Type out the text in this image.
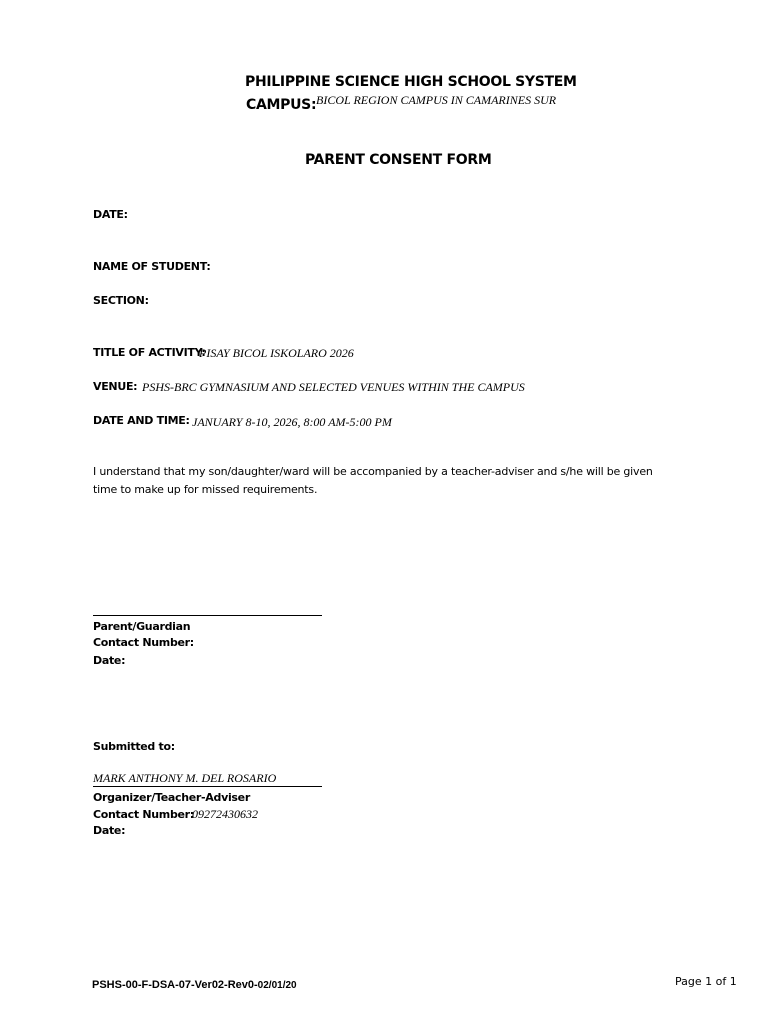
PHILIPPINE SCIENCE HIGH SCHOOL SYSTEM
CAMPUS: BICOL REGION CAMPUS IN CAMARINES SUR
PARENT CONSENT FORM
DATE:
NAME OF STUDENT:
SECTION:
TITLE OF ACTIVITY:
PISAY BICOL ISKOLARO 2026
VENUE: PSHS-BRC GYMNASIUM AND SELECTED VENUES WITHIN THE CAMPUS
DATE AND TIME: JANUARY 8-10, 2026, 8:00 AM-5:00 PM
I understand that my son/daughter/ward will be accompanied by a teacher-adviser and s/he will be given time to make up for missed requirements.
Parent/Guardian
Contact Number:
Date:
Submitted to:
MARK ANTHONY M. DEL ROSARIO
Organizer/Teacher-Adviser
Contact Number:
09272430632
Date:
PSHS-00-F-DSA-07-Ver02-Rev0-02/01/20	Page 1 of 1
